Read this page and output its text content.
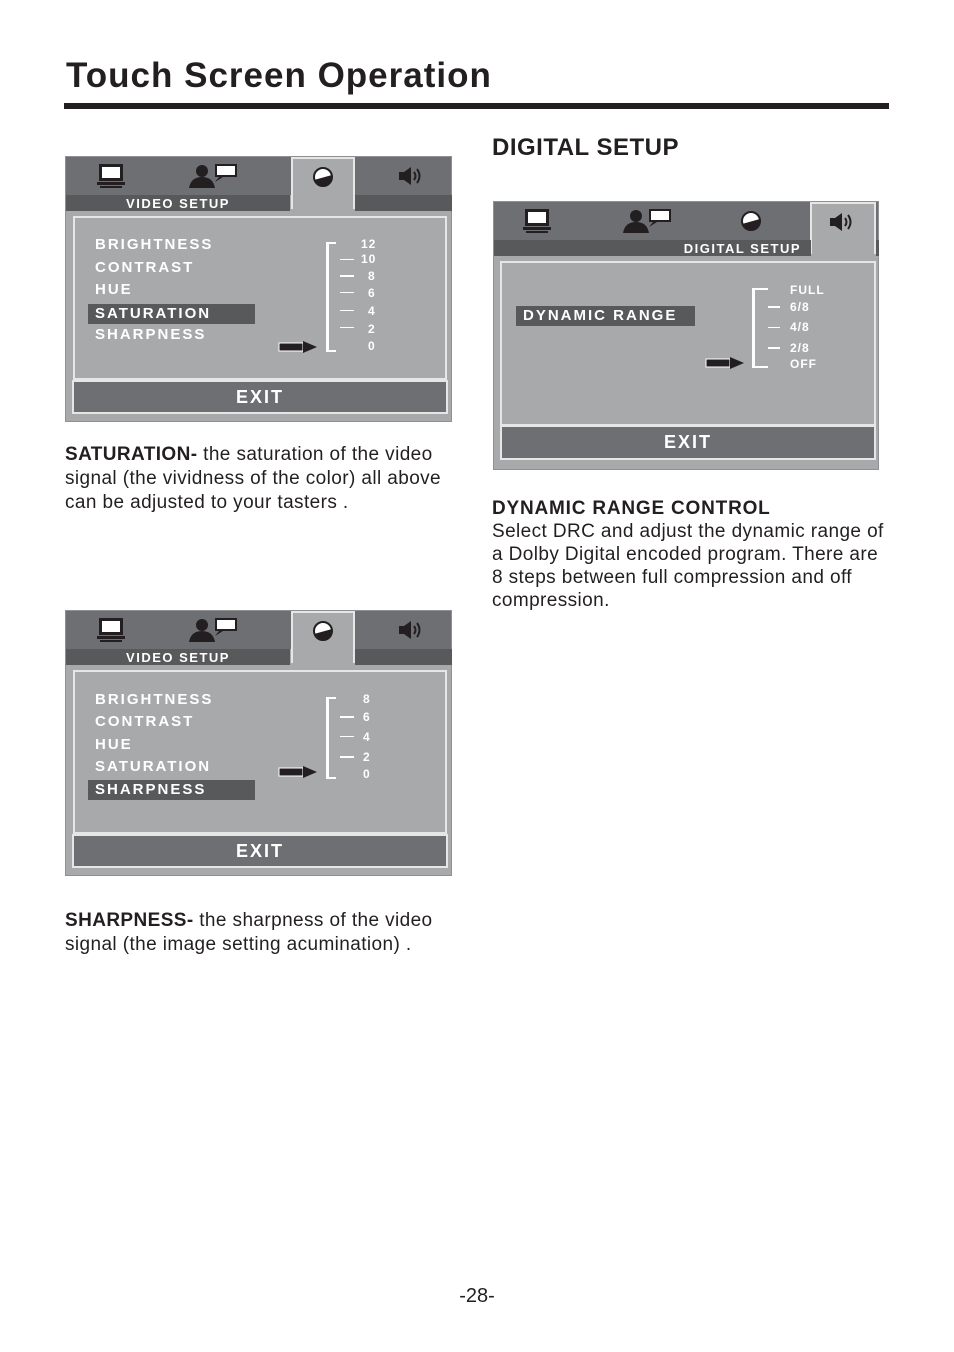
Touch Screen Operation
DIGITAL SETUP
VIDEO SETUP
BRIGHTNESS
CONTRAST
HUE
SATURATION
SHARPNESS
12
10
8
6
4
2
0
EXIT
SATURATION- the saturation of the video signal (the vividness of the color) all above can be adjusted to your tasters .
VIDEO SETUP
BRIGHTNESS
CONTRAST
HUE
SATURATION
SHARPNESS
8
6
4
2
0
EXIT
SHARPNESS- the sharpness of the video signal (the image setting acumination) .
DIGITAL SETUP
DYNAMIC RANGE
FULL
6/8
4/8
2/8
OFF
EXIT
DYNAMIC RANGE CONTROL
Select DRC and adjust the dynamic range of a Dolby Digital encoded program. There are 8 steps between full compression and off compression.
-28-
